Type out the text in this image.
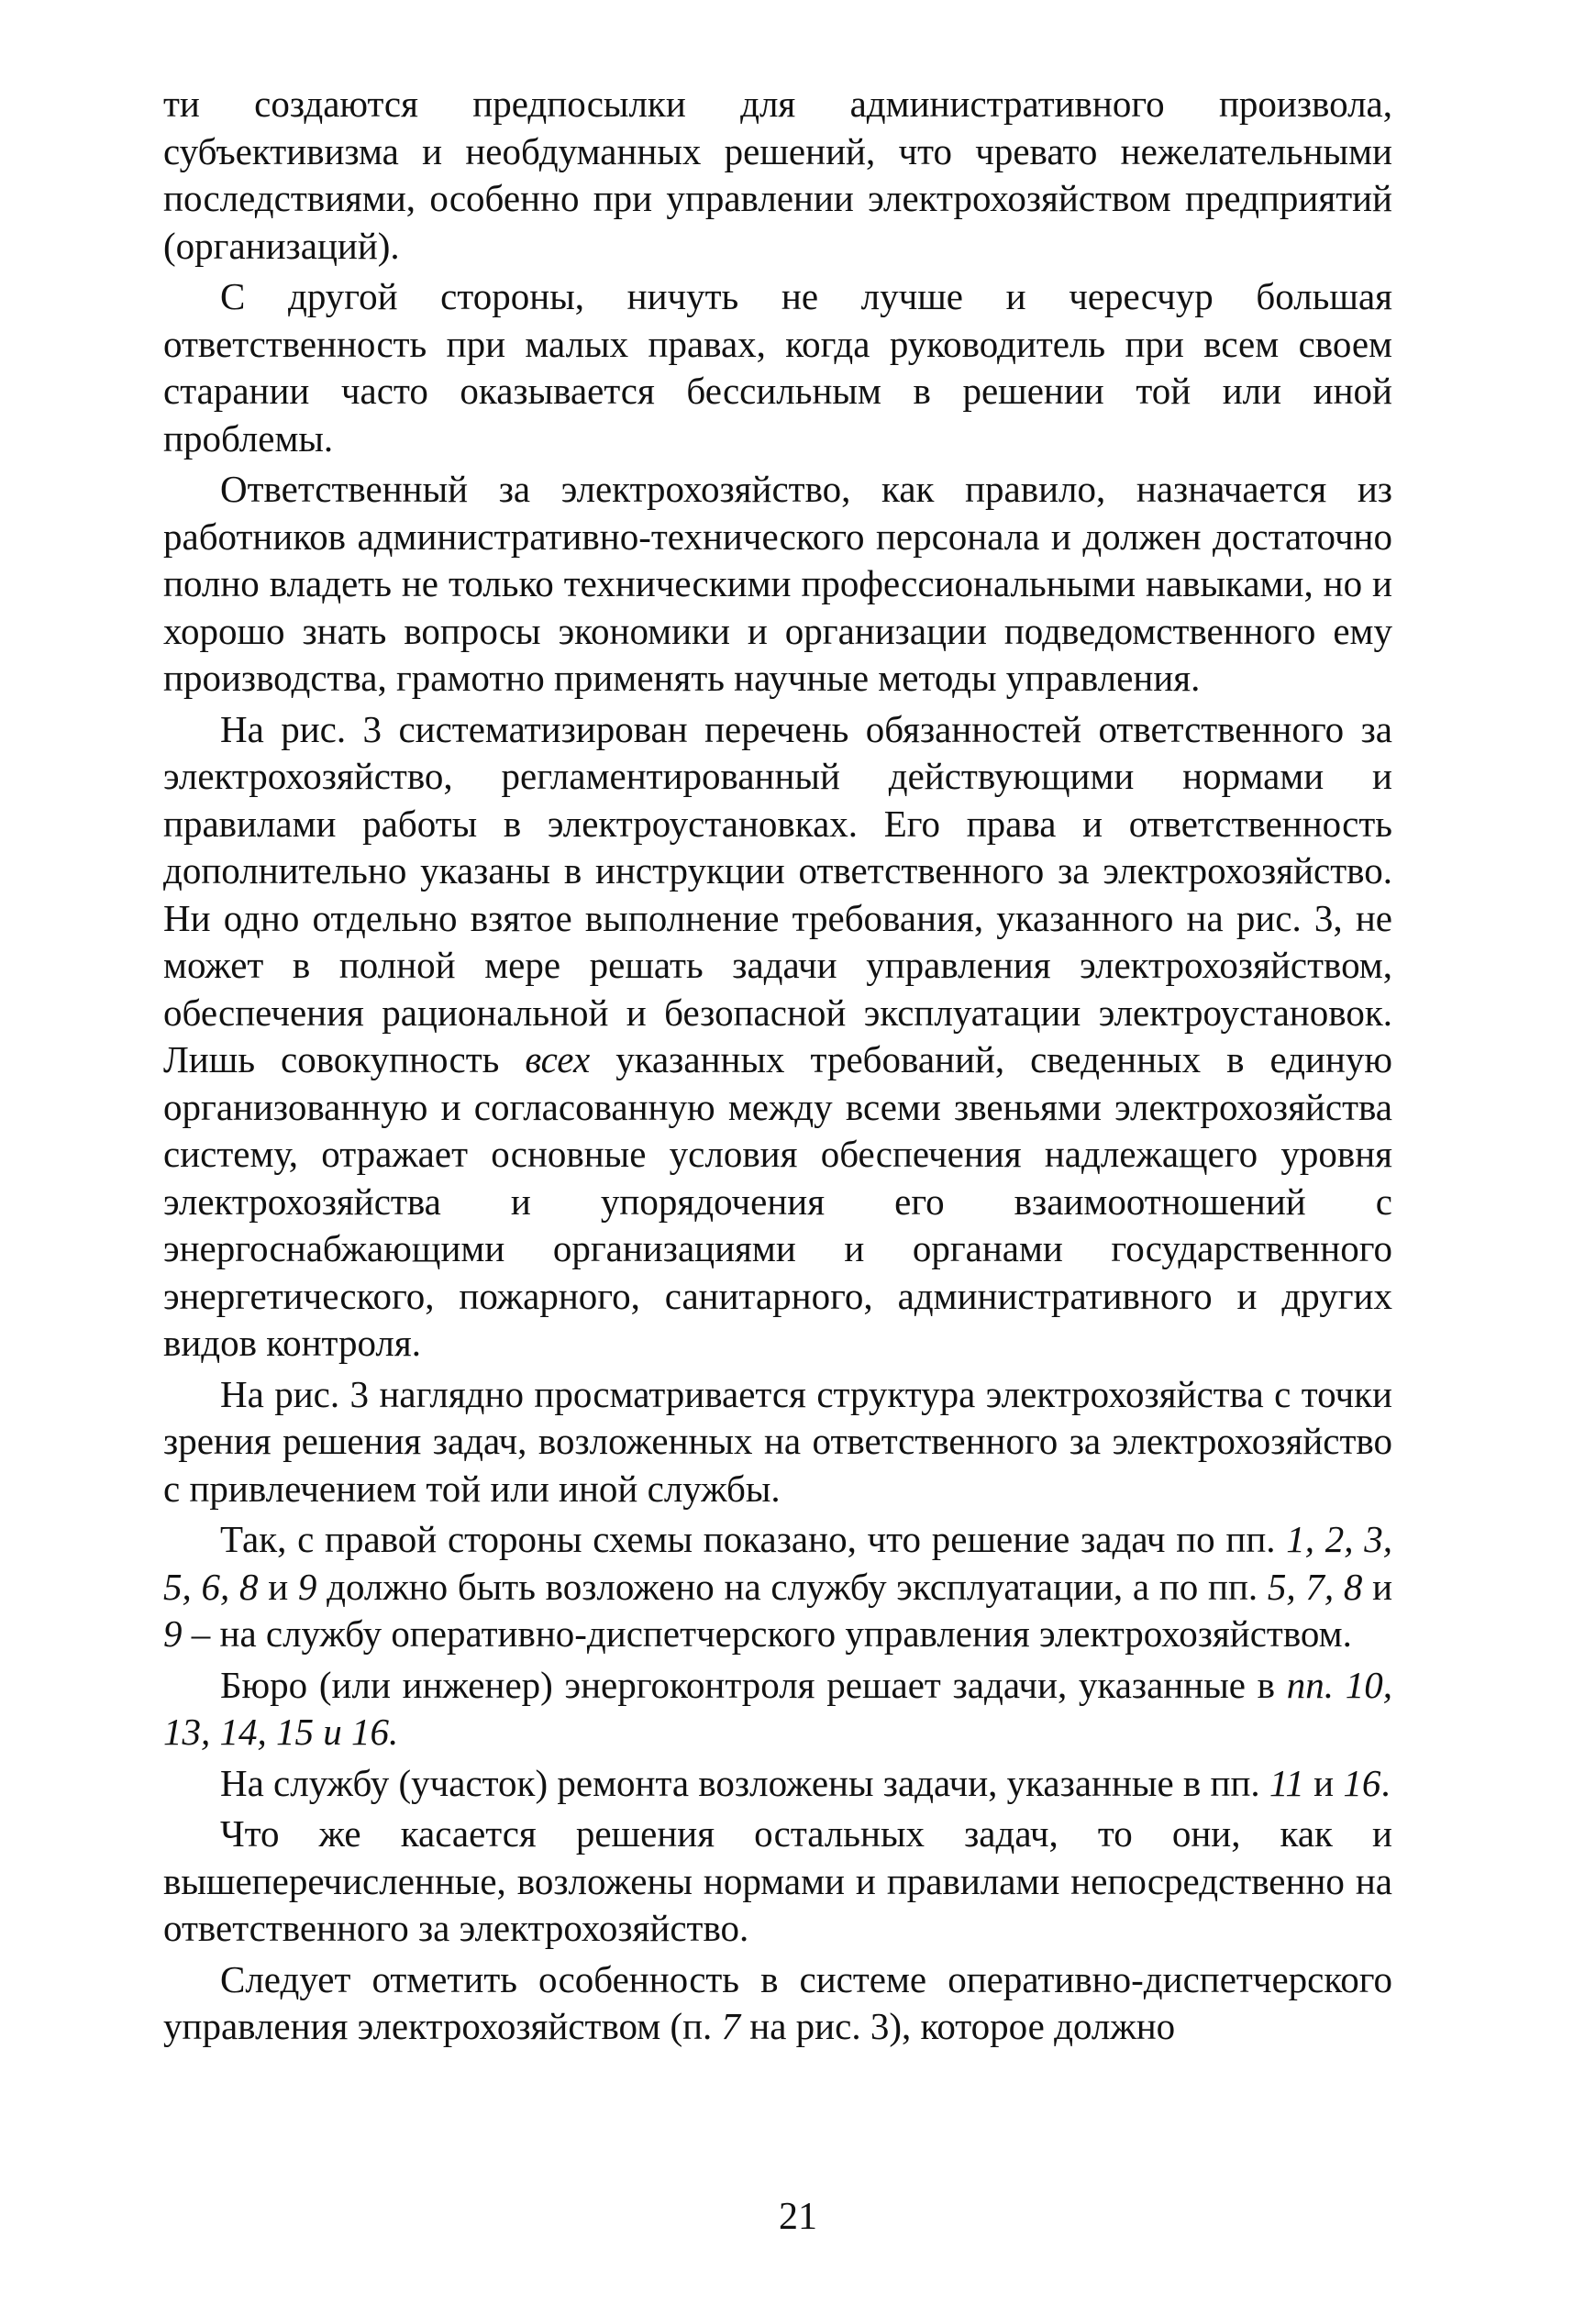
ти создаются предпосылки для административного произвола, субъективизма и необдуманных решений, что чревато нежелательными последствиями, особенно при управлении электрохозяйством предприятий (организаций).

С другой стороны, ничуть не лучше и чересчур большая ответственность при малых правах, когда руководитель при всем своем старании часто оказывается бессильным в решении той или иной проблемы.

Ответственный за электрохозяйство, как правило, назначается из работников административно-технического персонала и должен достаточно полно владеть не только техническими профессиональными навыками, но и хорошо знать вопросы экономики и организации подведомственного ему производства, грамотно применять научные методы управления.

На рис. 3 систематизирован перечень обязанностей ответственного за электрохозяйство, регламентированный действующими нормами и правилами работы в электроустановках. Его права и ответственность дополнительно указаны в инструкции ответственного за электрохозяйство. Ни одно отдельно взятое выполнение требования, указанного на рис. 3, не может в полной мере решать задачи управления электрохозяйством, обеспечения рациональной и безопасной эксплуатации электроустановок. Лишь совокупность всех указанных требований, сведенных в единую организованную и согласованную между всеми звеньями электрохозяйства систему, отражает основные условия обеспечения надлежащего уровня электрохозяйства и упорядочения его взаимоотношений с энергоснабжающими организациями и органами государственного энергетического, пожарного, санитарного, административного и других видов контроля.

На рис. 3 наглядно просматривается структура электрохозяйства с точки зрения решения задач, возложенных на ответственного за электрохозяйство с привлечением той или иной службы.

Так, с правой стороны схемы показано, что решение задач по пп. 1, 2, 3, 5, 6, 8 и 9 должно быть возложено на службу эксплуатации, а по пп. 5, 7, 8 и 9 – на службу оперативно-диспетчерского управления электрохозяйством.

Бюро (или инженер) энергоконтроля решает задачи, указанные в пп. 10, 13, 14, 15 и 16.

На службу (участок) ремонта возложены задачи, указанные в пп. 11 и 16.

Что же касается решения остальных задач, то они, как и вышеперечисленные, возложены нормами и правилами непосредственно на ответственного за электрохозяйство.

Следует отметить особенность в системе оперативно-диспетчерского управления электрохозяйством (п. 7 на рис. 3), которое должно

21
